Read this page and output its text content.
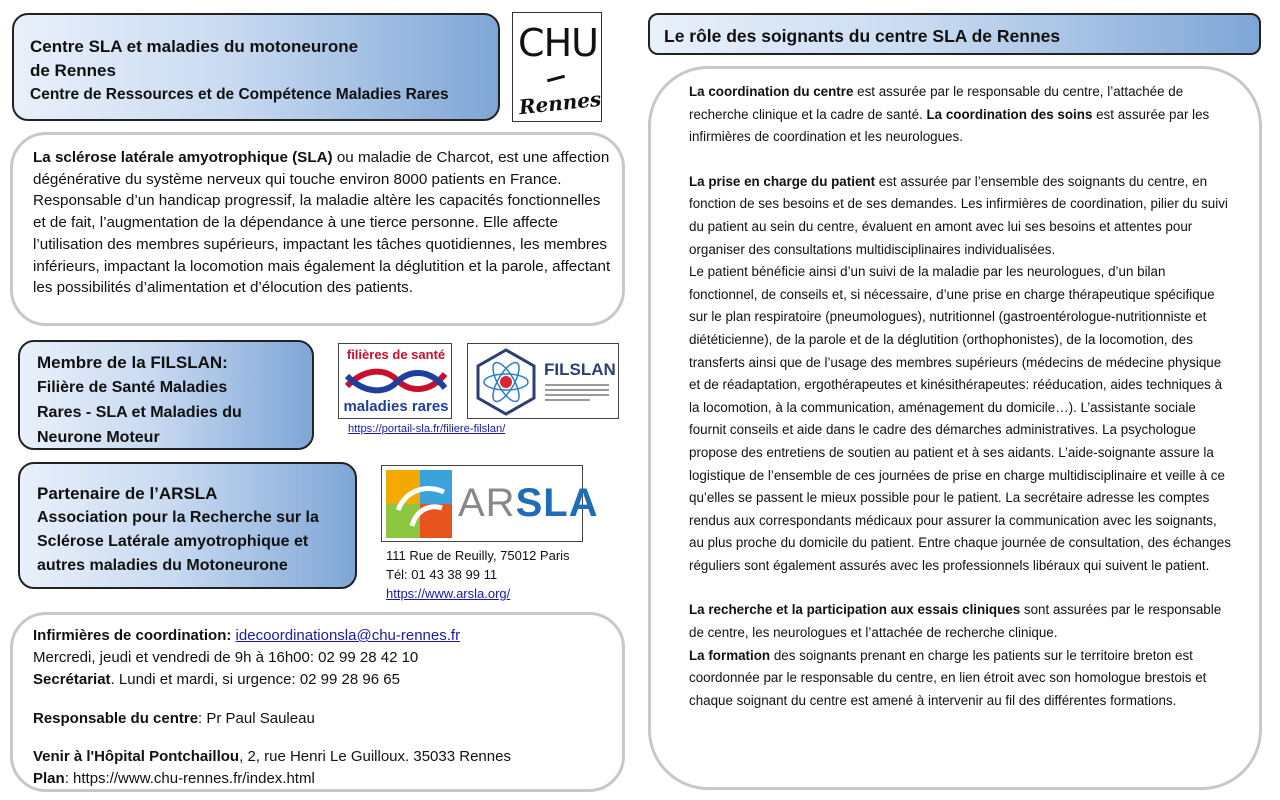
Centre SLA et maladies du motoneurone
de Rennes
Centre de Ressources et de Compétence Maladies Rares
CHU
Rennes

La sclérose latérale amyotrophique (SLA) ou maladie de Charcot, est une affection dégénérative du système nerveux qui touche environ 8000 patients en France. Responsable d’un handicap progressif, la maladie altère les capacités fonctionnelles et de fait, l’augmentation de la dépendance à une tierce personne. Elle affecte l’utilisation des membres supérieurs, impactant les tâches quotidiennes, les membres inférieurs, impactant la locomotion mais également la déglutition et la parole, affectant les possibilités d’alimentation et d’élocution des patients.

Membre de la FILSLAN:
Filière de Santé Maladies
Rares - SLA et Maladies du
Neurone Moteur
filières de santé
maladies rares
FILSLAN
https://portail-sla.fr/filiere-filslan/
Partenaire de l’ARSLA
Association pour la Recherche sur la
Sclérose Latérale amyotrophique et
autres maladies du Motoneurone
ARSLA
111 Rue de Reuilly, 75012 Paris
Tél: 01 43 38 99 11
https://www.arsla.org/
Infirmières de coordination: idecoordinationsla@chu-rennes.fr
Mercredi, jeudi et vendredi de 9h à 16h00: 02 99 28 42 10
Secrétariat. Lundi et mardi, si urgence: 02 99 28 96 65
Responsable du centre: Pr Paul Sauleau
Venir à l'Hôpital Pontchaillou, 2, rue Henri Le Guilloux. 35033 Rennes
Plan: https://www.chu-rennes.fr/index.html
Le rôle des soignants du centre SLA de Rennes

La coordination du centre est assurée par le responsable du centre, l’attachée de recherche clinique et la cadre de santé. La coordination des soins est assurée par les infirmières de coordination et les neurologues.

La prise en charge du patient est assurée par l’ensemble des soignants du centre, en fonction de ses besoins et de ses demandes. Les infirmières de coordination, pilier du suivi du patient au sein du centre, évaluent en amont avec lui ses besoins et attentes pour organiser des consultations multidisciplinaires individualisées.

Le patient bénéficie ainsi d’un suivi de la maladie par les neurologues, d’un bilan fonctionnel, de conseils et, si nécessaire, d’une prise en charge thérapeutique spécifique sur le plan respiratoire (pneumologues), nutritionnel (gastroentérologue-nutritionniste et diététicienne), de la parole et de la déglutition (orthophonistes), de la locomotion, des transferts ainsi que de l’usage des membres supérieurs (médecins de médecine physique et de réadaptation, ergothérapeutes et kinésithérapeutes: rééducation, aides techniques à la locomotion, à la communication, aménagement du domicile…). L’assistante sociale fournit conseils et aide dans le cadre des démarches administratives. La psychologue propose des entretiens de soutien au patient et à ses aidants. L’aide-soignante assure la logistique de l’ensemble de ces journées de prise en charge multidisciplinaire et veille à ce qu’elles se passent le mieux possible pour le patient. La secrétaire adresse les comptes rendus aux correspondants médicaux pour assurer la communication avec les soignants, au plus proche du domicile du patient. Entre chaque journée de consultation, des échanges réguliers sont également assurés avec les professionnels libéraux qui suivent le patient.

La recherche et la participation aux essais cliniques sont assurées par le responsable de centre, les neurologues et l’attachée de recherche clinique.

La formation des soignants prenant en charge les patients sur le territoire breton est coordonnée par le responsable du centre, en lien étroit avec son homologue brestois et chaque soignant du centre est amené à intervenir au fil des différentes formations.
